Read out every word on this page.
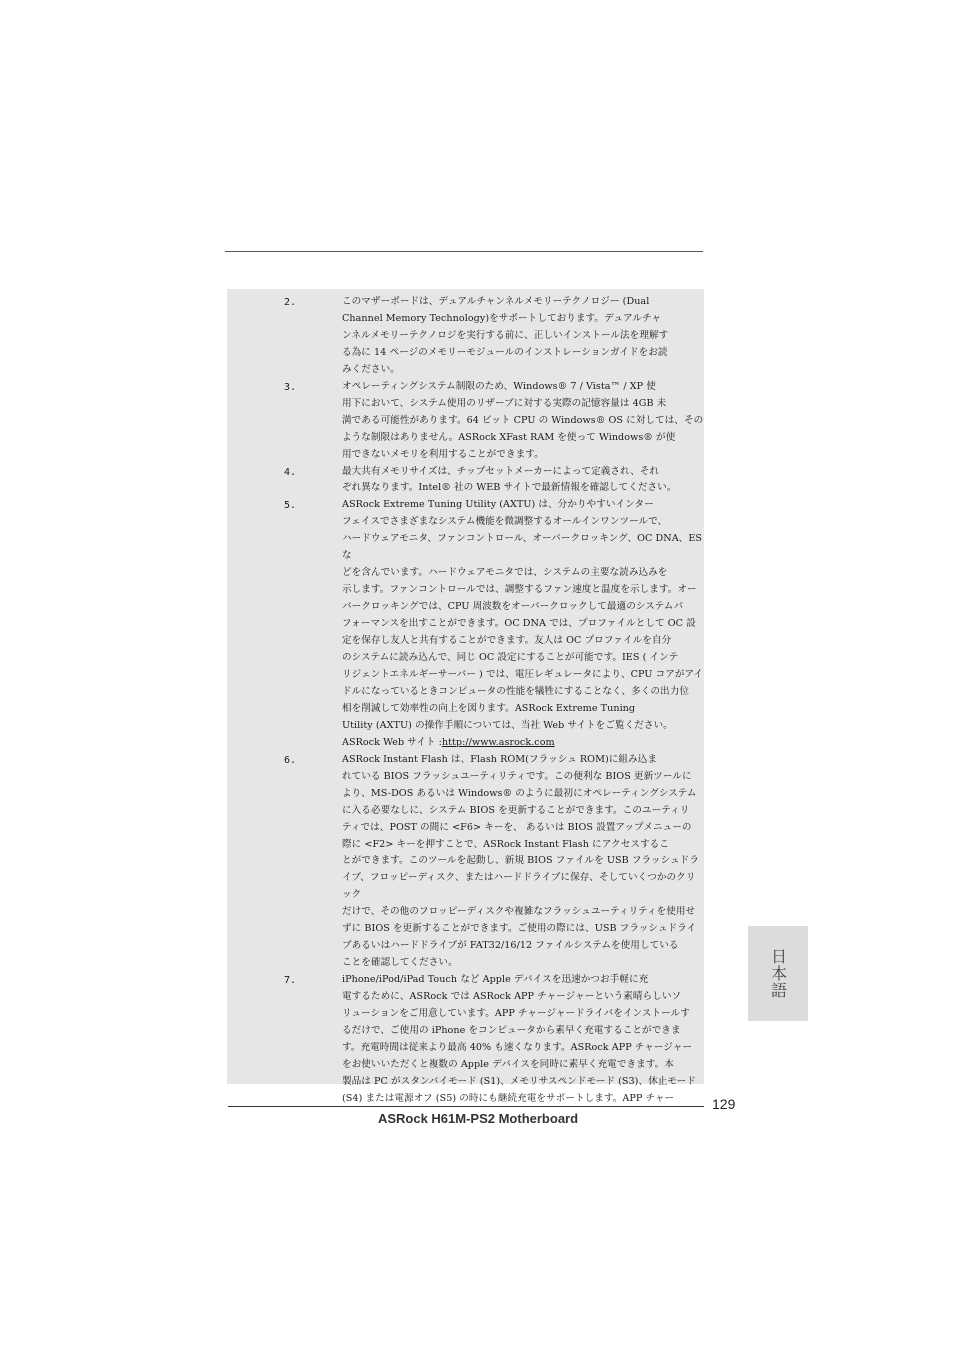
2.	このマザーボードは、デュアルチャンネルメモリーテクノロジー (Dual
Channel Memory Technology)をサポートしております。デュアルチャ
ンネルメモリーテクノロジを実行する前に、正しいインストール法を理解す
る為に 14 ページのメモリーモジュールのインストレーションガイドをお読
みください。
3.	オペレーティングシステム制限のため、Windows® 7 / Vista™ / XP 使
用下において、システム使用のリザーブに対する実際の記憶容量は 4GB 未
満である可能性があります。64 ビット CPU の Windows® OS に対しては、その
ような制限はありません。ASRock XFast RAM を使って Windows® が使
用できないメモリを利用することができます。
4.	最大共有メモリサイズは、チップセットメーカーによって定義され、それ
ぞれ異なります。Intel® 社の WEB サイトで最新情報を確認してください。
5.	ASRock Extreme Tuning Utility (AXTU) は、分かりやすいインター
フェイスでさまざまなシステム機能を微調整するオールインワンツールで、
ハードウェアモニタ、ファンコントロール、オーバークロッキング、OC DNA、ES な
どを含んでいます。ハードウェアモニタでは、システムの主要な読み込みを
示します。ファンコントロールでは、調整するファン速度と温度を示します。オー
バークロッキングでは、CPU 周波数をオーバークロックして最適のシステムパ
フォーマンスを出すことができます。OC DNA では、プロファイルとして OC 設
定を保存し友人と共有することができます。友人は OC プロファイルを自分
のシステムに読み込んで、同じ OC 設定にすることが可能です。IES ( インテ
リジェントエネルギーサーバー ) では、電圧レギュレータにより、CPU コアがアイ
ドルになっているときコンピュータの性能を犠牲にすることなく、多くの出力位
相を削減して効率性の向上を図ります。ASRock Extreme Tuning
Utility (AXTU) の操作手順については、当社 Web サイトをご覧ください。
ASRock Web サイト :http://www.asrock.com
6.	ASRock Instant Flash は、Flash ROM(フラッシュ ROM)に組み込ま
れている BIOS フラッシュユーティリティです。この便利な BIOS 更新ツールに
より、MS-DOS あるいは Windows® のように最初にオペレーティングシステム
に入る必要なしに、システム BIOS を更新することができます。このユーティリ
ティでは、POST の間に <F6> キーを、 あるいは BIOS 設置アップメニューの
際に <F2> キーを押すことで、ASRock Instant Flash にアクセスするこ
とができます。このツールを起動し、新規 BIOS ファイルを USB フラッシュドラ
イブ、フロッピーディスク、またはハードドライブに保存、そしていくつかのクリック
だけで、その他のフロッピーディスクや複雑なフラッシュユーティリティを使用せ
ずに BIOS を更新することができます。ご使用の際には、USB フラッシュドライ
ブあるいはハードドライブが FAT32/16/12 ファイルシステムを使用している
ことを確認してください。
7.	iPhone/iPod/iPad Touch など Apple デバイスを迅速かつお手軽に充
電するために、ASRock では ASRock APP チャージャーという素晴らしいソ
リューションをご用意しています。APP チャージャードライバをインストールす
るだけで、ご使用の iPhone をコンピュータから素早く充電することができま
す。充電時間は従来より最高 40% も速くなります。ASRock APP チャージャー
をお使いいただくと複数の Apple デバイスを同時に素早く充電できます。本
製品は PC がスタンバイモード (S1)、メモリサスペンドモード (S3)、休止モード
(S4) または電源オフ (S5) の時にも継続充電をサポートします。APP チャー	129
ASRock H61M-PS2 Motherboard
日本語
